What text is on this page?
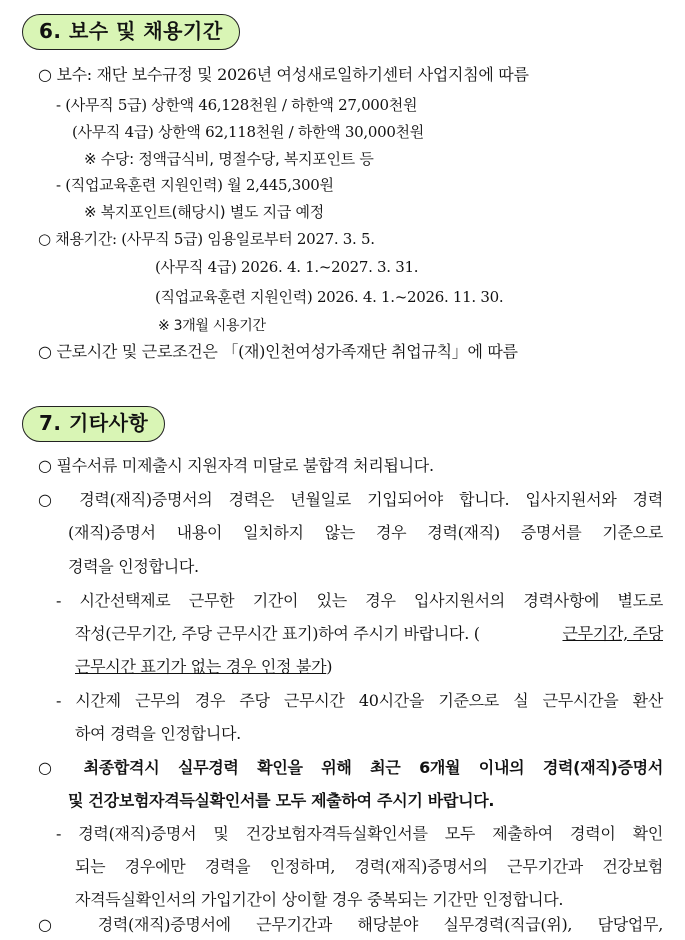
6. 보수 및 채용기간
○ 보수: 재단 보수규정 및 2026년 여성새로일하기센터 사업지침에 따름
- (사무직 5급) 상한액 46,128천원 / 하한액 27,000천원
(사무직 4급) 상한액 62,118천원 / 하한액 30,000천원
※ 수당: 정액급식비, 명절수당, 복지포인트 등
- (직업교육훈련 지원인력) 월 2,445,300원
※ 복지포인트(해당시) 별도 지급 예정
○ 채용기간: (사무직 5급) 임용일로부터 2027. 3. 5.
(사무직 4급) 2026. 4. 1.~2027. 3. 31.
(직업교육훈련 지원인력) 2026. 4. 1.~2026. 11. 30.
※ 3개월 시용기간
○ 근로시간 및 근로조건은 「(재)인천여성가족재단 취업규칙」에 따름
7. 기타사항
○ 필수서류 미제출시 지원자격 미달로 불합격 처리됩니다.
○ 경력(재직)증명서의 경력은 년월일로 기입되어야 합니다. 입사지원서와 경력
(재직)증명서 내용이 일치하지 않는 경우 경력(재직) 증명서를 기준으로
경력을 인정합니다.
- 시간선택제로 근무한 기간이 있는 경우 입사지원서의 경력사항에 별도로
작성(근무기간, 주당 근무시간 표기)하여 주시기 바랍니다. (	근무기간, 주당
근무시간 표기가 없는 경우 인정 불가)
- 시간제 근무의 경우 주당 근무시간 40시간을 기준으로 실 근무시간을 환산
하여 경력을 인정합니다.
○ 최종합격시 실무경력 확인을 위해 최근 6개월 이내의 경력(재직)증명서
및 건강보험자격득실확인서를 모두 제출하여 주시기 바랍니다.
- 경력(재직)증명서 및 건강보험자격득실확인서를 모두 제출하여 경력이 확인
되는 경우에만 경력을 인정하며, 경력(재직)증명서의 근무기간과 건강보험
자격득실확인서의 가입기간이 상이할 경우 중복되는 기간만 인정합니다.
○ 경력(재직)증명서에 근무기간과 해당분야 실무경력(직급(위), 담당업무,
